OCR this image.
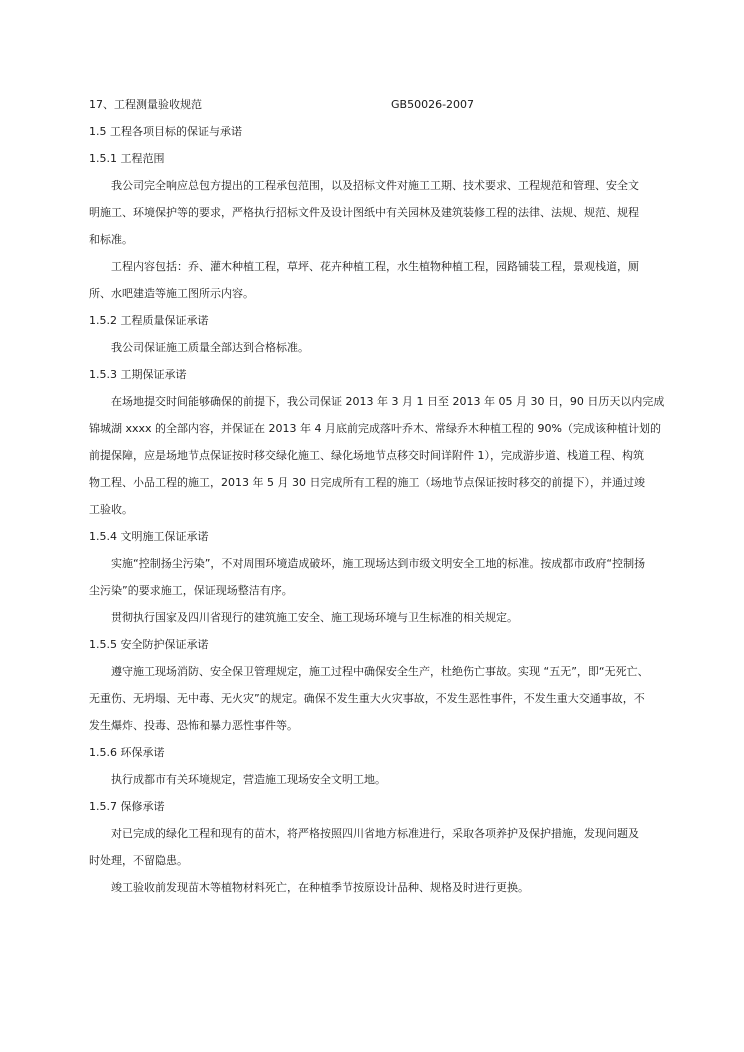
17、工程测量验收规范	GB50026-2007
1.5 工程各项目标的保证与承诺
1.5.1 工程范围
我公司完全响应总包方提出的工程承包范围，以及招标文件对施工工期、技术要求、工程规范和管理、安全文
明施工、环境保护等的要求，严格执行招标文件及设计图纸中有关园林及建筑装修工程的法律、法规、规范、规程
和标准。
工程内容包括：乔、灌木种植工程，草坪、花卉种植工程，水生植物种植工程，园路铺装工程，景观栈道，厕
所、水吧建造等施工图所示内容。
1.5.2 工程质量保证承诺
我公司保证施工质量全部达到合格标准。
1.5.3 工期保证承诺
在场地提交时间能够确保的前提下，我公司保证 2013 年 3 月 1 日至 2013 年 05 月 30 日，90 日历天以内完成
锦城湖 xxxx 的全部内容，并保证在 2013 年 4 月底前完成落叶乔木、常绿乔木种植工程的 90%（完成该种植计划的
前提保障，应是场地节点保证按时移交绿化施工、绿化场地节点移交时间详附件 1），完成游步道、栈道工程、构筑
物工程、小品工程的施工，2013 年 5 月 30 日完成所有工程的施工（场地节点保证按时移交的前提下），并通过竣
工验收。
1.5.4 文明施工保证承诺
实施“控制扬尘污染”，不对周围环境造成破坏，施工现场达到市级文明安全工地的标准。按成都市政府“控制扬
尘污染”的要求施工，保证现场整洁有序。
贯彻执行国家及四川省现行的建筑施工安全、施工现场环境与卫生标准的相关规定。
1.5.5 安全防护保证承诺
遵守施工现场消防、安全保卫管理规定，施工过程中确保安全生产，杜绝伤亡事故。实现 “五无”，即“无死亡、
无重伤、无坍塌、无中毒、无火灾”的规定。确保不发生重大火灾事故，不发生恶性事件，不发生重大交通事故，不
发生爆炸、投毒、恐怖和暴力恶性事件等。
1.5.6 环保承诺
执行成都市有关环境规定，营造施工现场安全文明工地。
1.5.7 保修承诺
对已完成的绿化工程和现有的苗木，将严格按照四川省地方标准进行，采取各项养护及保护措施，发现问题及
时处理，不留隐患。
竣工验收前发现苗木等植物材料死亡，在种植季节按原设计品种、规格及时进行更换。
